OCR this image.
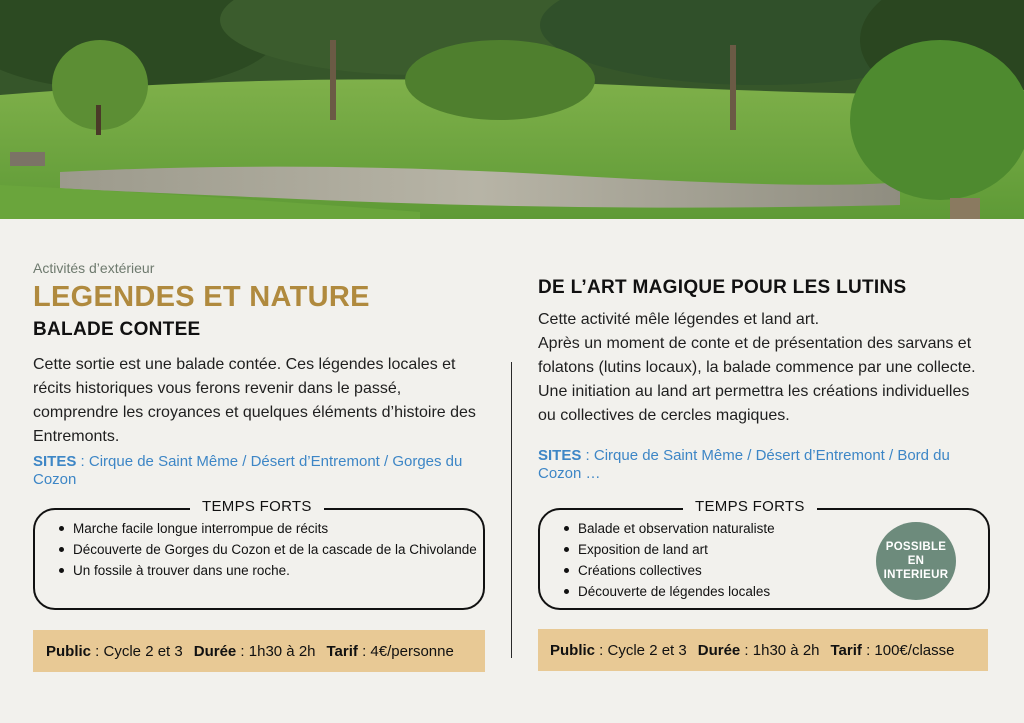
Activités d’extérieur
LEGENDES ET NATURE
BALADE CONTEE
Cette sortie est une balade contée. Ces légendes locales et récits historiques vous ferons revenir dans le passé, comprendre les croyances et quelques éléments d’histoire des Entremonts.
SITES : Cirque de Saint Même / Désert d’Entremont / Gorges du Cozon
Marche facile longue interrompue de récits
Découverte de Gorges du Cozon et de la cascade de la Chivolande
Un fossile à trouver dans une roche.
TEMPS FORTS
Public : Cycle 2 et 3 Durée : 1h30 à 2h Tarif : 4€/personne
DE L’ART MAGIQUE POUR LES LUTINS
Cette activité mêle légendes et land art.
Après un moment de conte et de présentation des sarvans et folatons (lutins locaux), la balade commence par une collecte. Une initiation au land art permettra les créations individuelles ou collectives de cercles magiques.
SITES : Cirque de Saint Même / Désert d’Entremont / Bord du Cozon …
Balade et observation naturaliste
Exposition de land art
Créations collectives
Découverte de légendes locales
TEMPS FORTS
POSSIBLE
EN
INTERIEUR
Public : Cycle 2 et 3 Durée : 1h30 à 2h Tarif : 100€/classe
